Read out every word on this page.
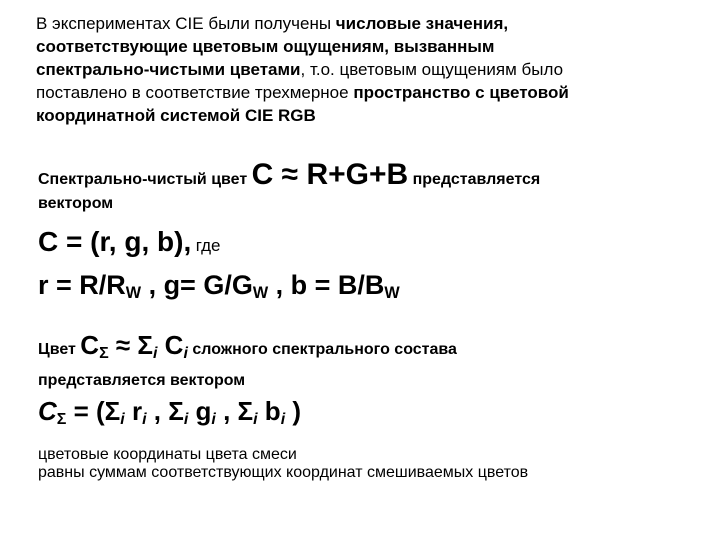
В экспериментах CIE были получены числовые значения,
соответствующие цветовым ощущениям, вызванным
спектрально-чистыми цветами, т.о. цветовым ощущениям было
поставлено в соответствие трехмерное пространство с цветовой
координатной системой CIE RGB
Спектрально-чистый цвет C ≈ R+G+B представляется
вектором
C = (r, g, b), где
$r = R/R_W$ , $g= G/G_W$ , $b = B/B_W$
Цвет $C_\Sigma \approx \Sigma_i$ $C_i$ сложного спектрального состава
представляется вектором
$C_\Sigma = (\Sigma_i$ $r_i$ , $\Sigma_i$ $g_i$ , $\Sigma_i$ $b_i$ )
цветовые координаты цвета смеси
равны суммам соответствующих координат смешиваемых цветов
